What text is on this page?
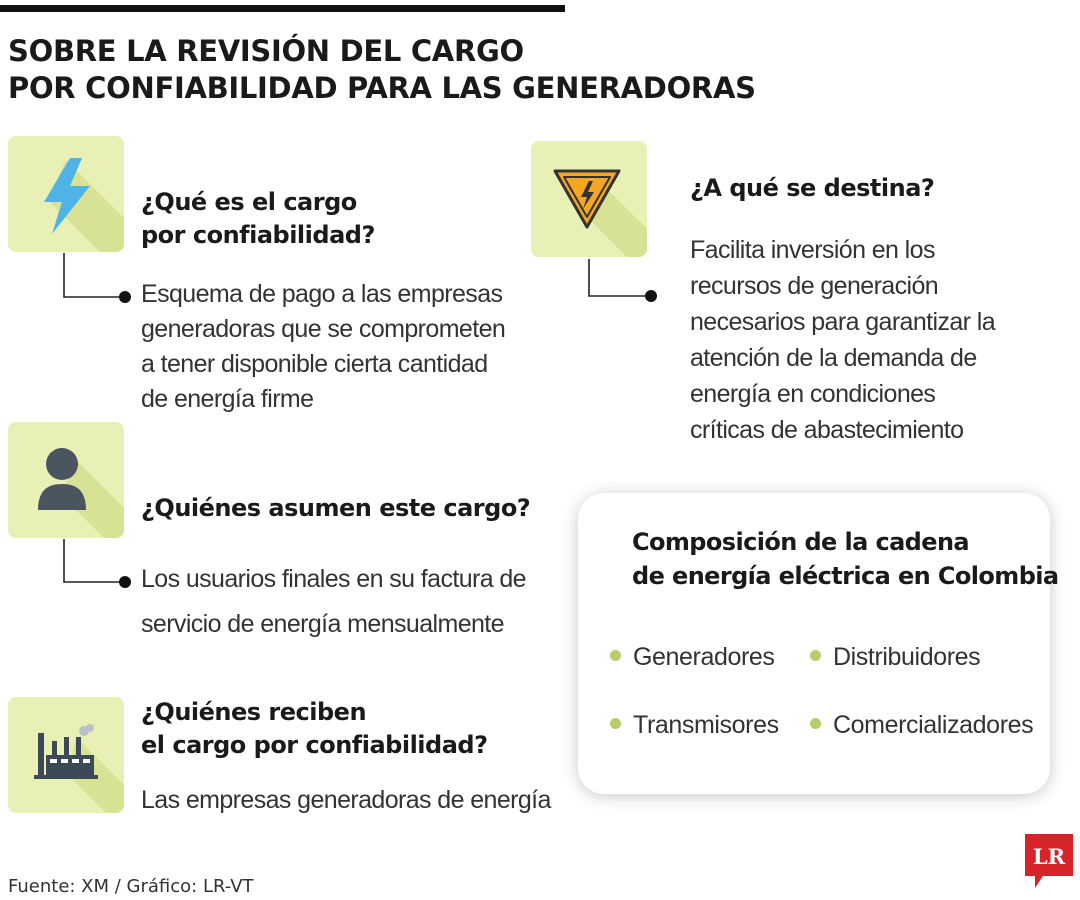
SOBRE LA REVISIÓN DEL CARGO
POR CONFIABILIDAD PARA LAS GENERADORAS
¿Qué es el cargo
por confiabilidad?

Esquema de pago a las empresas
generadoras que se comprometen
a tener disponible cierta cantidad
de energía firme

¿Quiénes asumen este cargo?

Los usuarios finales en su factura de
servicio de energía mensualmente

¿Quiénes reciben
el cargo por confiabilidad?

Las empresas generadoras de energía

¿A qué se destina?

Facilita inversión en los
recursos de generación
necesarios para garantizar la
atención de la demanda de
energía en condiciones
críticas de abastecimiento

Composición de la cadena
de energía eléctrica en Colombia
Generadores	Distribuidores
Transmisores	Comercializadores
Fuente: XM / Gráfico: LR-VT
LR
